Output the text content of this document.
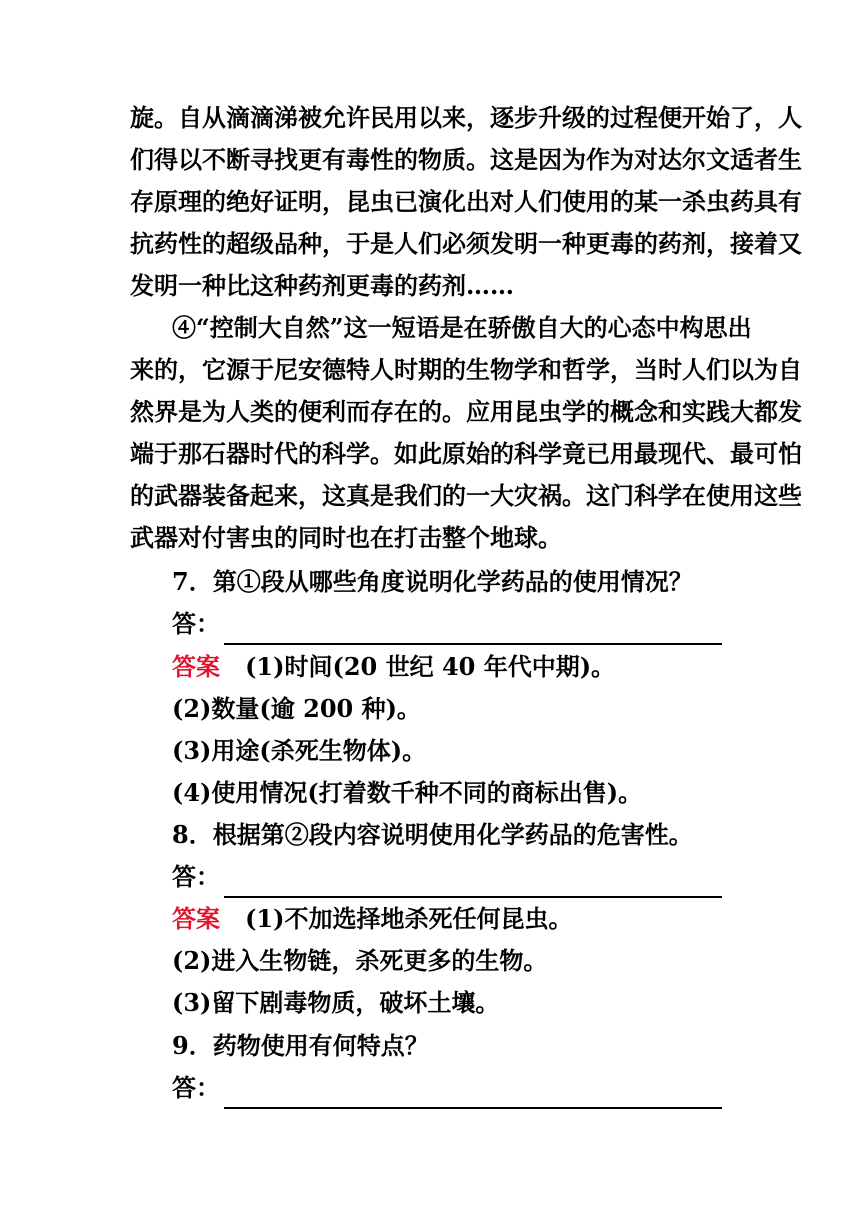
旋。自从滴滴涕被允许民用以来，逐步升级的过程便开始了，人
们得以不断寻找更有毒性的物质。这是因为作为对达尔文适者生
存原理的绝好证明，昆虫已演化出对人们使用的某一杀虫药具有
抗药性的超级品种，于是人们必须发明一种更毒的药剂，接着又
发明一种比这种药剂更毒的药剂……
④“控制大自然”这一短语是在骄傲自大的心态中构思出
来的，它源于尼安德特人时期的生物学和哲学，当时人们以为自
然界是为人类的便利而存在的。应用昆虫学的概念和实践大都发
端于那石器时代的科学。如此原始的科学竟已用最现代、最可怕
的武器装备起来，这真是我们的一大灾祸。这门科学在使用这些
武器对付害虫的同时也在打击整个地球。
7．第①段从哪些角度说明化学药品的使用情况？
答：
答案 (1)时间(20 世纪 40 年代中期)。
(2)数量(逾 200 种)。
(3)用途(杀死生物体)。
(4)使用情况(打着数千种不同的商标出售)。
8．根据第②段内容说明使用化学药品的危害性。
答：
答案 (1)不加选择地杀死任何昆虫。
(2)进入生物链，杀死更多的生物。
(3)留下剧毒物质，破坏土壤。
9．药物使用有何特点？
答：
